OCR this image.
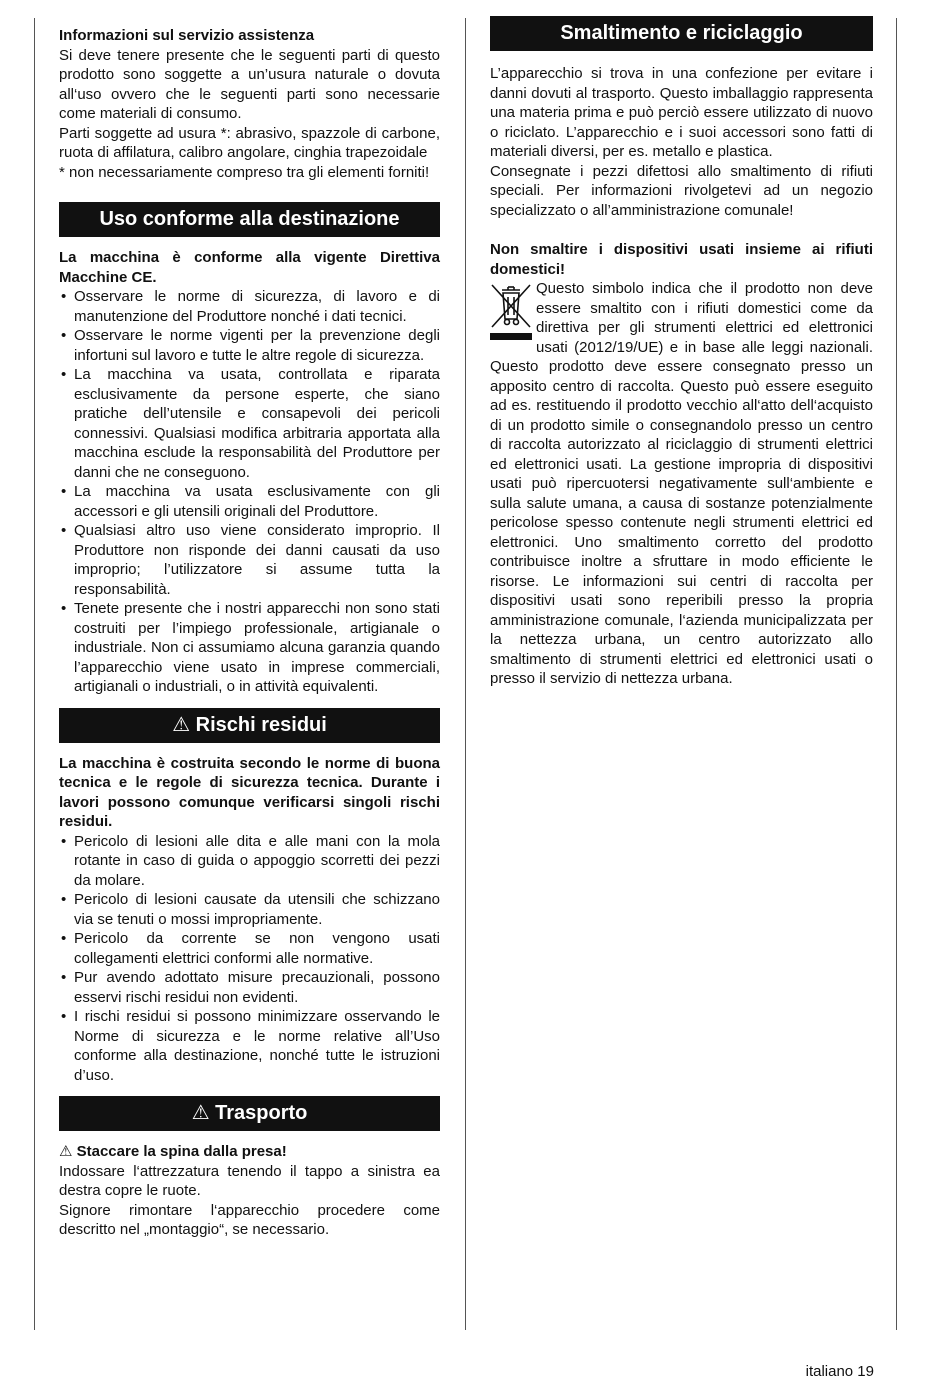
Informazioni sul servizio assistenza

Si deve tenere presente che le seguenti parti di questo prodotto sono soggette a un’usura naturale o dovuta all‘uso ovvero che le seguenti parti sono necessarie come materiali di consumo.

Parti soggette ad usura *: abrasivo, spazzole di carbone, ruota di affilatura, calibro angolare, cinghia trapezoidale

* non necessariamente compreso tra gli elementi forniti!

Uso conforme alla destinazione

La macchina è conforme alla vigente Direttiva Macchine CE.

• Osservare le norme di sicurezza, di lavoro e di manutenzione del Produttore nonché i dati tecnici.
• Osservare le norme vigenti per la prevenzione degli infortuni sul lavoro e tutte le altre regole di sicurezza.
• La macchina va usata, controllata e riparata esclusivamente da persone esperte, che siano pratiche dell’utensile e consapevoli dei pericoli connessivi. Qualsiasi modifica arbitraria apportata alla macchina esclude la responsabilità del Produttore per danni che ne conseguono.
• La macchina va usata esclusivamente con gli accessori e gli utensili originali del Produttore.
• Qualsiasi altro uso viene considerato improprio. Il Produttore non risponde dei danni causati da uso improprio; l’utilizzatore si assume tutta la responsabilità.
• Tenete presente che i nostri apparecchi non sono stati costruiti per l’impiego professionale, artigianale o industriale. Non ci assumiamo alcuna garanzia quando l’apparecchio viene usato in imprese commerciali, artigianali o industriali, o in attività equivalenti.
⚠ Rischi residui

La macchina è costruita secondo le norme di buona tecnica e le regole di sicurezza tecnica. Durante i lavori possono comunque verificarsi singoli rischi residui.

• Pericolo di lesioni alle dita e alle mani con la mola rotante in caso di guida o appoggio scorretti dei pezzi da molare.
• Pericolo di lesioni causate da utensili che schizzano via se tenuti o mossi impropriamente.
• Pericolo da corrente se non vengono usati collegamenti elettrici conformi alle normative.
• Pur avendo adottato misure precauzionali, possono esservi rischi residui non evidenti.
• I rischi residui si possono minimizzare osservando le Norme di sicurezza e le norme relative all’Uso conforme alla destinazione, nonché tutte le istruzioni d’uso.
⚠ Trasporto

⚠ Staccare la spina dalla presa!

Indossare l‘attrezzatura tenendo il tappo a sinistra ea destra copre le ruote.

Signore rimontare l‘apparecchio procedere come descritto nel „montaggio“, se necessario.

Smaltimento e riciclaggio

L’apparecchio si trova in una confezione per evitare i danni dovuti al trasporto. Questo imballaggio rappresenta una materia prima e può perciò essere utilizzato di nuovo o riciclato. L’apparecchio e i suoi accessori sono fatti di materiali diversi, per es. metallo e plastica.

Consegnate i pezzi difettosi allo smaltimento di rifiuti speciali. Per informazioni rivolgetevi ad un negozio specializzato o all’amministrazione comunale!

Non smaltire i dispositivi usati insieme ai rifiuti domestici!

Questo simbolo indica che il prodotto non deve essere smaltito con i rifiuti domestici come da direttiva per gli strumenti elettrici ed elettronici usati (2012/19/UE) e in base alle leggi nazionali. Questo prodotto deve essere consegnato presso un apposito centro di raccolta. Questo può essere eseguito ad es. restituendo il prodotto vecchio all‘atto dell‘acquisto di un prodotto simile o consegnandolo presso un centro di raccolta autorizzato al riciclaggio di strumenti elettrici ed elettronici usati. La gestione impropria di dispositivi usati può ripercuotersi negativamente sull‘ambiente e sulla salute umana, a causa di sostanze potenzialmente pericolose spesso contenute negli strumenti elettrici ed elettronici. Uno smaltimento corretto del prodotto contribuisce inoltre a sfruttare in modo efficiente le risorse. Le informazioni sui centri di raccolta per dispositivi usati sono reperibili presso la propria amministrazione comunale, l‘azienda municipalizzata per la nettezza urbana, un centro autorizzato allo smaltimento di strumenti elettrici ed elettronici usati o presso il servizio di nettezza urbana.

italiano 19
